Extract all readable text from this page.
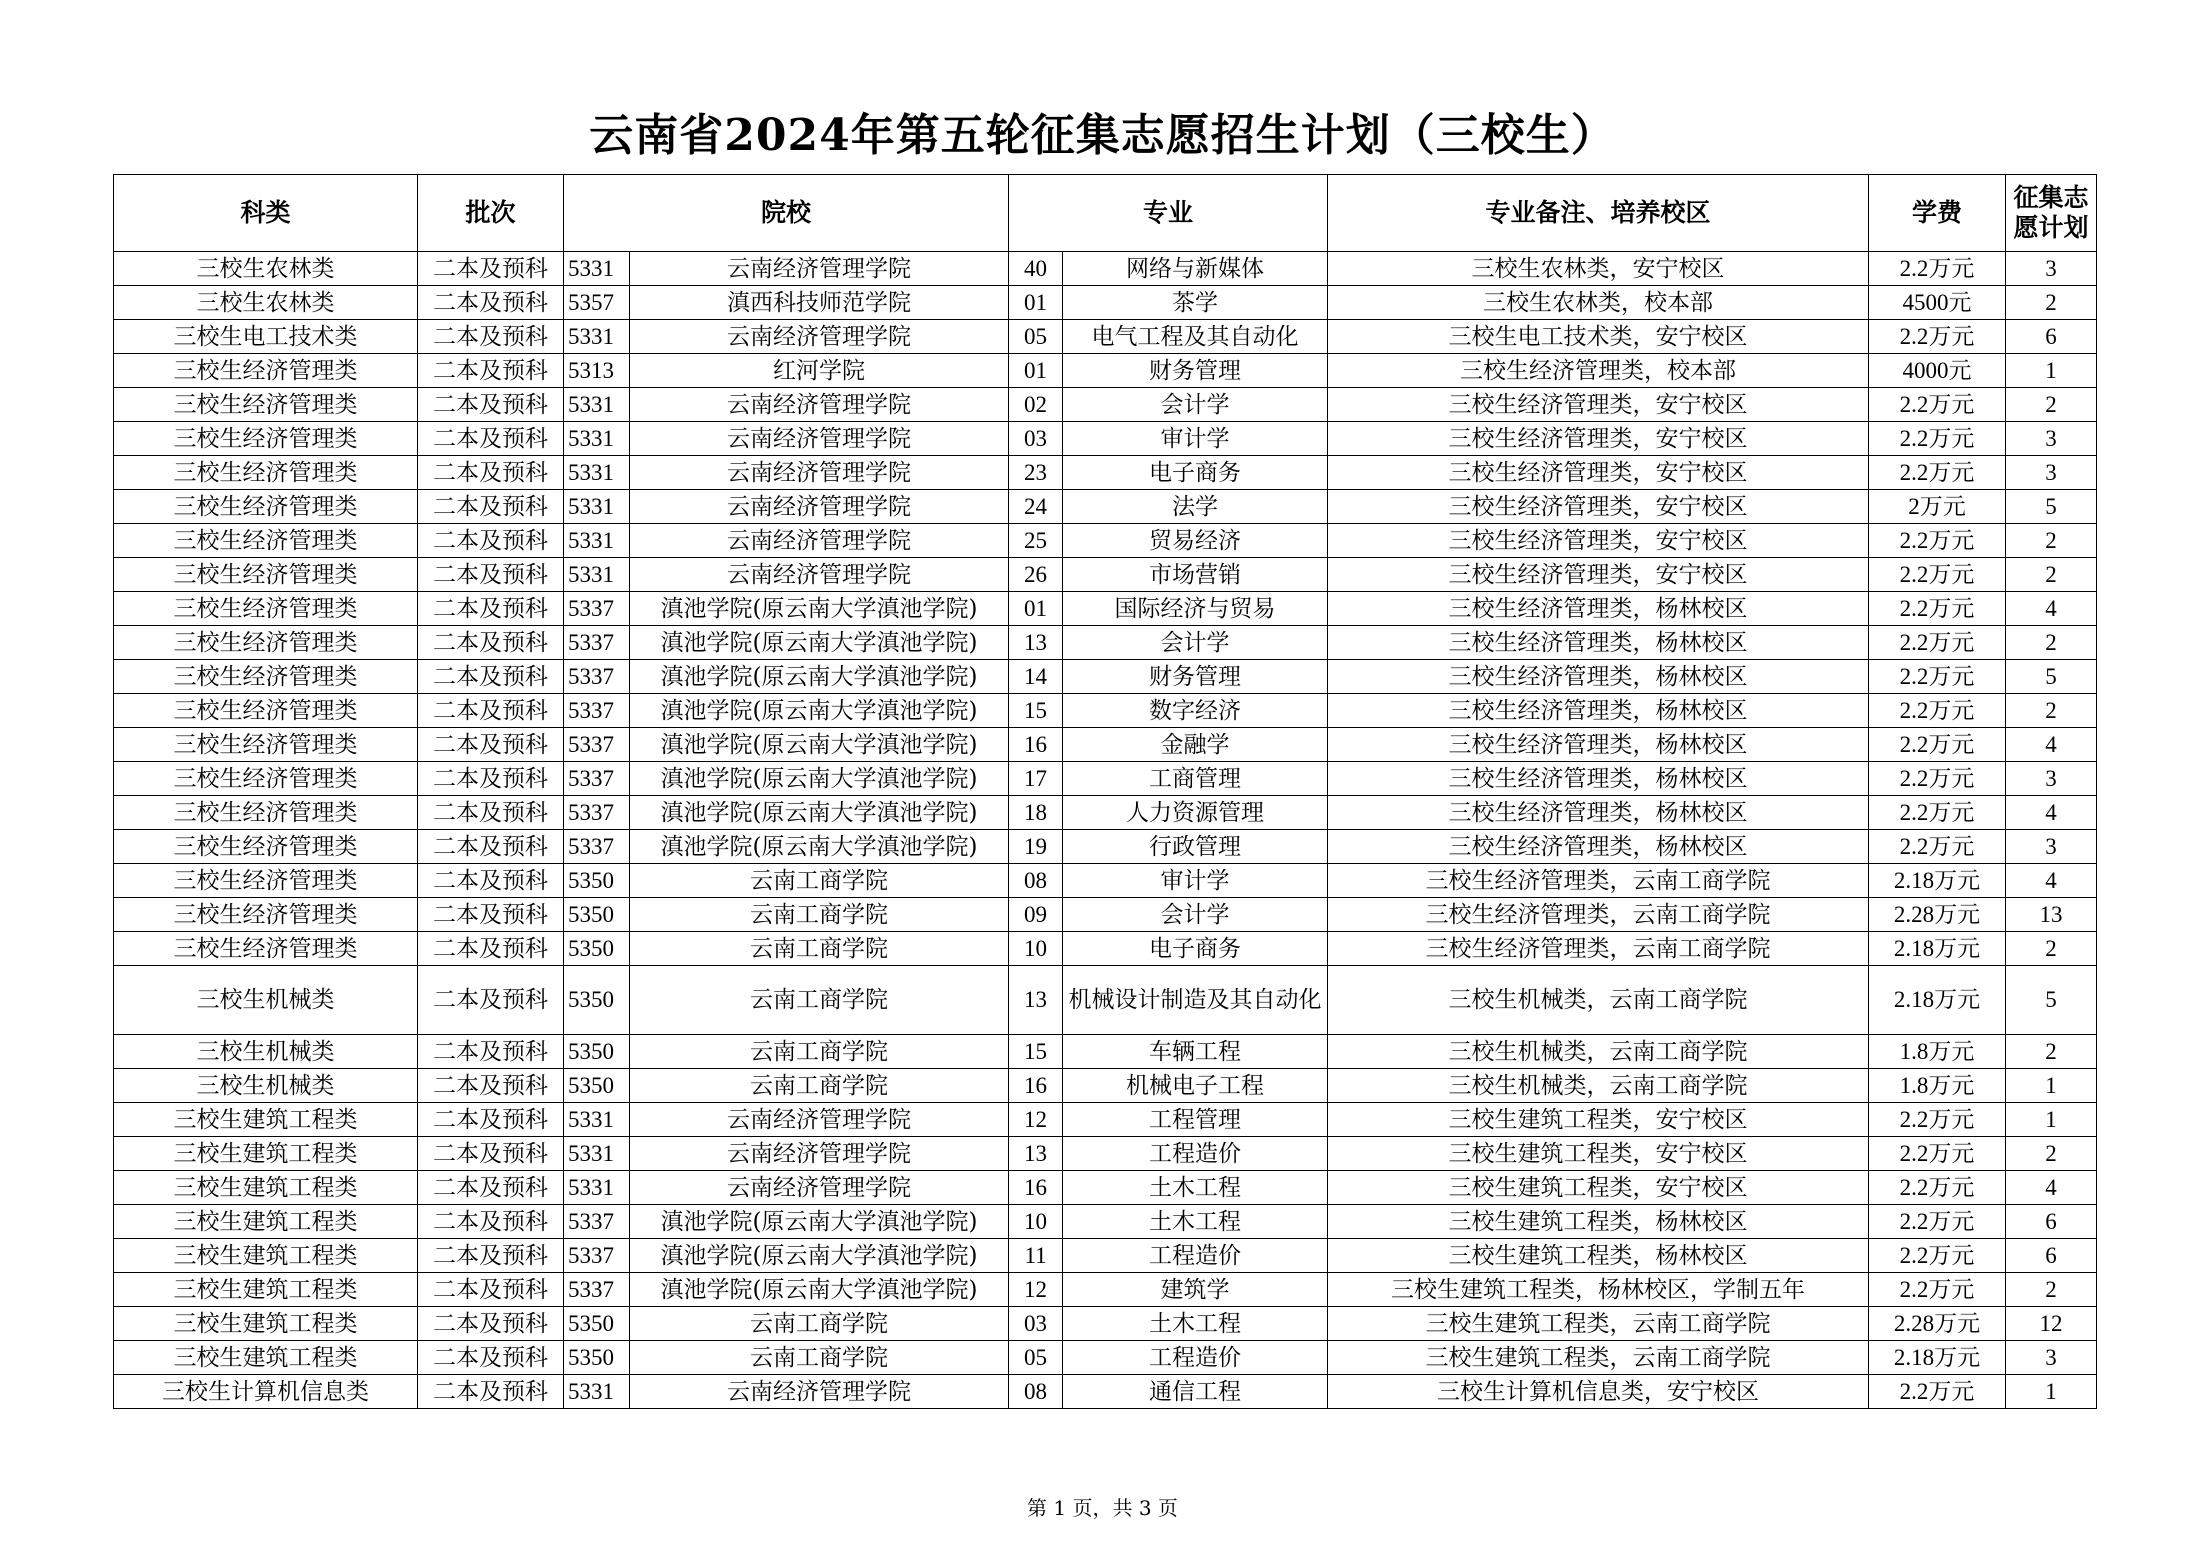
云南省2024年第五轮征集志愿招生计划（三校生）
科类	批次	院校		专业		专业备注、培养校区	学费	征集志愿计划
三校生农林类	二本及预科	5331	云南经济管理学院	40	网络与新媒体	三校生农林类，安宁校区	2.2万元	3
三校生农林类	二本及预科	5357	滇西科技师范学院	01	茶学	三校生农林类，校本部	4500元	2
三校生电工技术类	二本及预科	5331	云南经济管理学院	05	电气工程及其自动化	三校生电工技术类，安宁校区	2.2万元	6
三校生经济管理类	二本及预科	5313	红河学院	01	财务管理	三校生经济管理类，校本部	4000元	1
三校生经济管理类	二本及预科	5331	云南经济管理学院	02	会计学	三校生经济管理类，安宁校区	2.2万元	2
三校生经济管理类	二本及预科	5331	云南经济管理学院	03	审计学	三校生经济管理类，安宁校区	2.2万元	3
三校生经济管理类	二本及预科	5331	云南经济管理学院	23	电子商务	三校生经济管理类，安宁校区	2.2万元	3
三校生经济管理类	二本及预科	5331	云南经济管理学院	24	法学	三校生经济管理类，安宁校区	2万元	5
三校生经济管理类	二本及预科	5331	云南经济管理学院	25	贸易经济	三校生经济管理类，安宁校区	2.2万元	2
三校生经济管理类	二本及预科	5331	云南经济管理学院	26	市场营销	三校生经济管理类，安宁校区	2.2万元	2
三校生经济管理类	二本及预科	5337	滇池学院(原云南大学滇池学院)	01	国际经济与贸易	三校生经济管理类，杨林校区	2.2万元	4
三校生经济管理类	二本及预科	5337	滇池学院(原云南大学滇池学院)	13	会计学	三校生经济管理类，杨林校区	2.2万元	2
三校生经济管理类	二本及预科	5337	滇池学院(原云南大学滇池学院)	14	财务管理	三校生经济管理类，杨林校区	2.2万元	5
三校生经济管理类	二本及预科	5337	滇池学院(原云南大学滇池学院)	15	数字经济	三校生经济管理类，杨林校区	2.2万元	2
三校生经济管理类	二本及预科	5337	滇池学院(原云南大学滇池学院)	16	金融学	三校生经济管理类，杨林校区	2.2万元	4
三校生经济管理类	二本及预科	5337	滇池学院(原云南大学滇池学院)	17	工商管理	三校生经济管理类，杨林校区	2.2万元	3
三校生经济管理类	二本及预科	5337	滇池学院(原云南大学滇池学院)	18	人力资源管理	三校生经济管理类，杨林校区	2.2万元	4
三校生经济管理类	二本及预科	5337	滇池学院(原云南大学滇池学院)	19	行政管理	三校生经济管理类，杨林校区	2.2万元	3
三校生经济管理类	二本及预科	5350	云南工商学院	08	审计学	三校生经济管理类，云南工商学院	2.18万元	4
三校生经济管理类	二本及预科	5350	云南工商学院	09	会计学	三校生经济管理类，云南工商学院	2.28万元	13
三校生经济管理类	二本及预科	5350	云南工商学院	10	电子商务	三校生经济管理类，云南工商学院	2.18万元	2
三校生机械类	二本及预科	5350	云南工商学院	13	机械设计制造及其自动化	三校生机械类，云南工商学院	2.18万元	5
三校生机械类	二本及预科	5350	云南工商学院	15	车辆工程	三校生机械类，云南工商学院	1.8万元	2
三校生机械类	二本及预科	5350	云南工商学院	16	机械电子工程	三校生机械类，云南工商学院	1.8万元	1
三校生建筑工程类	二本及预科	5331	云南经济管理学院	12	工程管理	三校生建筑工程类，安宁校区	2.2万元	1
三校生建筑工程类	二本及预科	5331	云南经济管理学院	13	工程造价	三校生建筑工程类，安宁校区	2.2万元	2
三校生建筑工程类	二本及预科	5331	云南经济管理学院	16	土木工程	三校生建筑工程类，安宁校区	2.2万元	4
三校生建筑工程类	二本及预科	5337	滇池学院(原云南大学滇池学院)	10	土木工程	三校生建筑工程类，杨林校区	2.2万元	6
三校生建筑工程类	二本及预科	5337	滇池学院(原云南大学滇池学院)	11	工程造价	三校生建筑工程类，杨林校区	2.2万元	6
三校生建筑工程类	二本及预科	5337	滇池学院(原云南大学滇池学院)	12	建筑学	三校生建筑工程类，杨林校区，学制五年	2.2万元	2
三校生建筑工程类	二本及预科	5350	云南工商学院	03	土木工程	三校生建筑工程类，云南工商学院	2.28万元	12
三校生建筑工程类	二本及预科	5350	云南工商学院	05	工程造价	三校生建筑工程类，云南工商学院	2.18万元	3
三校生计算机信息类	二本及预科	5331	云南经济管理学院	08	通信工程	三校生计算机信息类，安宁校区	2.2万元	1
第 1 页，共 3 页
